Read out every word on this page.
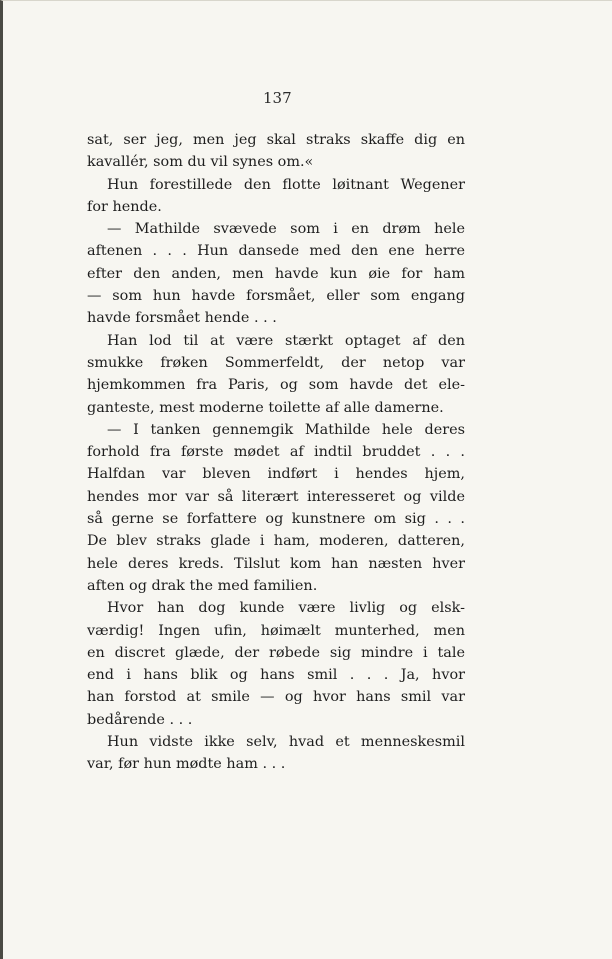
137
sat, ser jeg, men jeg skal straks skaffe dig en
kavallér, som du vil synes om.«
Hun forestillede den flotte løitnant Wegener
for hende.
— Mathilde svævede som i en drøm hele
aftenen . . . Hun dansede med den ene herre
efter den anden, men havde kun øie for ham
— som hun havde forsmået, eller som engang
havde forsmået hende . . .
Han lod til at være stærkt optaget af den
smukke frøken Sommerfeldt, der netop var
hjemkommen fra Paris, og som havde det ele-
ganteste, mest moderne toilette af alle damerne.
— I tanken gennemgik Mathilde hele deres
forhold fra første mødet af indtil bruddet . . .
Halfdan var bleven indført i hendes hjem,
hendes mor var så literært interesseret og vilde
så gerne se forfattere og kunstnere om sig . . .
De blev straks glade i ham, moderen, datteren,
hele deres kreds. Tilslut kom han næsten hver
aften og drak the med familien.
Hvor han dog kunde være livlig og elsk-
værdig! Ingen ufin, høimælt munterhed, men
en discret glæde, der røbede sig mindre i tale
end i hans blik og hans smil . . . Ja, hvor
han forstod at smile — og hvor hans smil var
bedårende . . .
Hun vidste ikke selv, hvad et menneskesmil
var, før hun mødte ham . . .
